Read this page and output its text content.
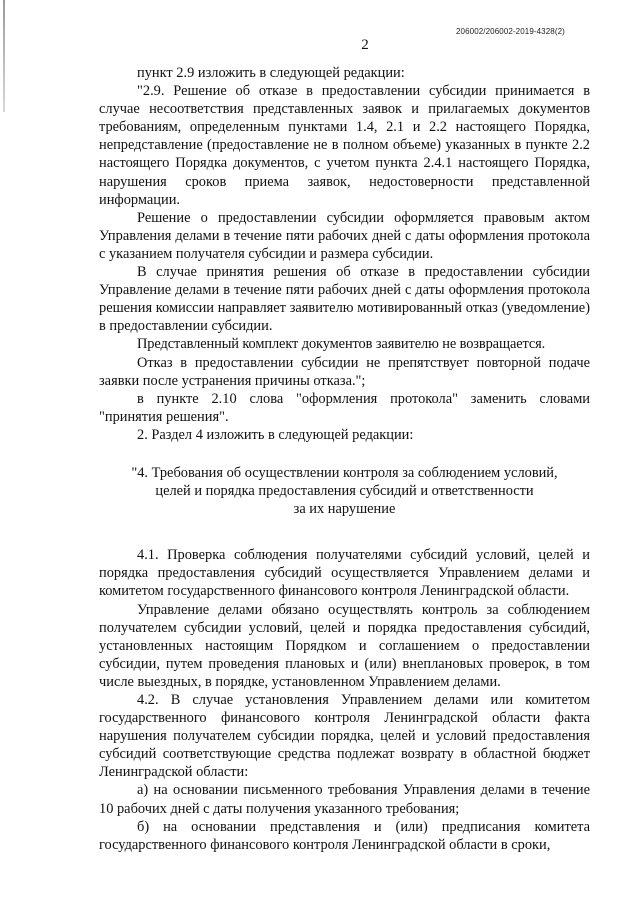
206002/206002-2019-4328(2)
2

пункт 2.9 изложить в следующей редакции:

"2.9. Решение об отказе в предоставлении субсидии принимается в случае несоответствия представленных заявок и прилагаемых документов требованиям, определенным пунктами 1.4, 2.1 и 2.2 настоящего Порядка, непредставление (предоставление не в полном объеме) указанных в пункте 2.2 настоящего Порядка документов, с учетом пункта 2.4.1 настоящего Порядка, нарушения сроков приема заявок, недостоверности представленной информации.

Решение о предоставлении субсидии оформляется правовым актом Управления делами в течение пяти рабочих дней с даты оформления протокола с указанием получателя субсидии и размера субсидии.

В случае принятия решения об отказе в предоставлении субсидии Управление делами в течение пяти рабочих дней с даты оформления протокола решения комиссии направляет заявителю мотивированный отказ (уведомление) в предоставлении субсидии.

Представленный комплект документов заявителю не возвращается.

Отказ в предоставлении субсидии не препятствует повторной подаче заявки после устранения причины отказа.";

в пункте 2.10 слова "оформления протокола" заменить словами "принятия решения".

2. Раздел 4 изложить в следующей редакции:

"4. Требования об осуществлении контроля за соблюдением условий,
целей и порядка предоставления субсидий и ответственности
за их нарушение

4.1. Проверка соблюдения получателями субсидий условий, целей и порядка предоставления субсидий осуществляется Управлением делами и комитетом государственного финансового контроля Ленинградской области.

Управление делами обязано осуществлять контроль за соблюдением получателем субсидии условий, целей и порядка предоставления субсидий, установленных настоящим Порядком и соглашением о предоставлении субсидии, путем проведения плановых и (или) внеплановых проверок, в том числе выездных, в порядке, установленном Управлением делами.

4.2. В случае установления Управлением делами или комитетом государственного финансового контроля Ленинградской области факта нарушения получателем субсидии порядка, целей и условий предоставления субсидий соответствующие средства подлежат возврату в областной бюджет Ленинградской области:

а) на основании письменного требования Управления делами в течение 10 рабочих дней с даты получения указанного требования;

б) на основании представления и (или) предписания комитета государственного финансового контроля Ленинградской области в сроки,
